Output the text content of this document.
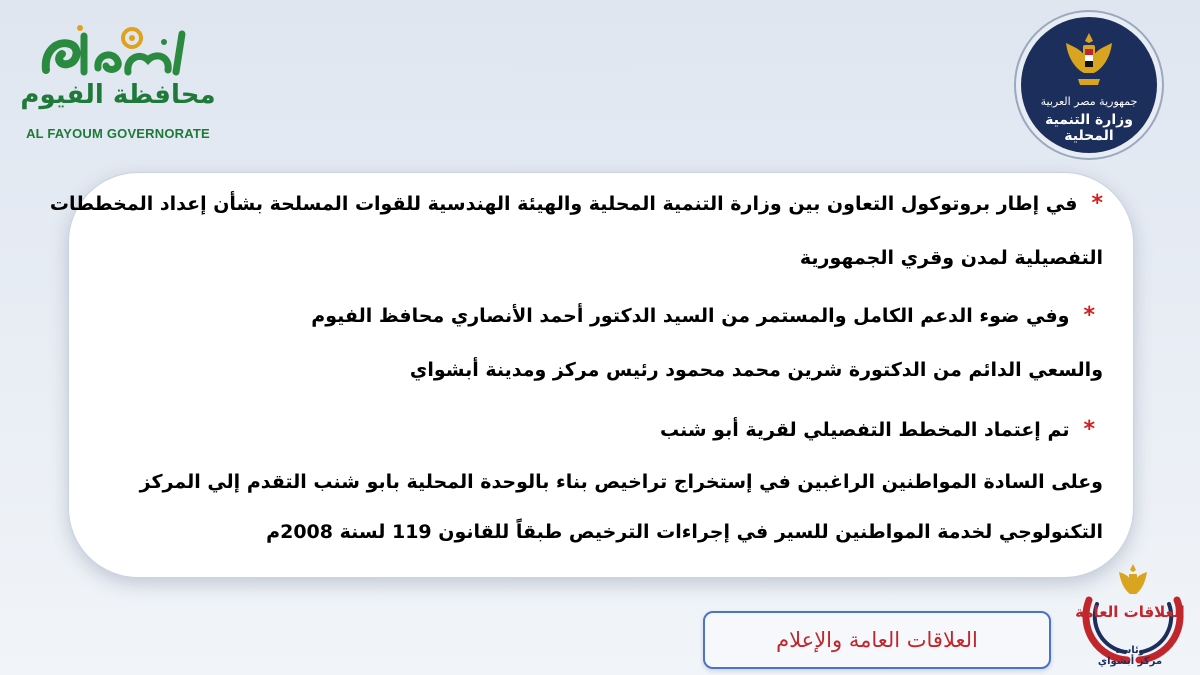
محافظة الفيوم
AL FAYOUM GOVERNORATE
جمهورية مصر العربية
وزارة التنمية المحلية
*في إطار بروتوكول التعاون بين وزارة التنمية المحلية والهيئة الهندسية للقوات المسلحة بشأن إعداد المخططات
التفصيلية لمدن وقري الجمهورية
*وفي ضوء الدعم الكامل والمستمر من السيد الدكتور أحمد الأنصاري محافظ الفيوم
والسعي الدائم من الدكتورة شرين محمد محمود رئيس مركز ومدينة أبشواي
*تم إعتماد المخطط التفصيلي لقرية أبو شنب
وعلى السادة المواطنين الراغبين في إستخراج تراخيص بناء بالوحدة المحلية بابو شنب التقدم إلي المركز
التكنولوجي لخدمة المواطنين للسير في إجراءات الترخيص طبقاً للقانون 119 لسنة 2008م
العلاقات العامة والإعلام
العلاقات العامة
رئاسة
مركز أبشواي
